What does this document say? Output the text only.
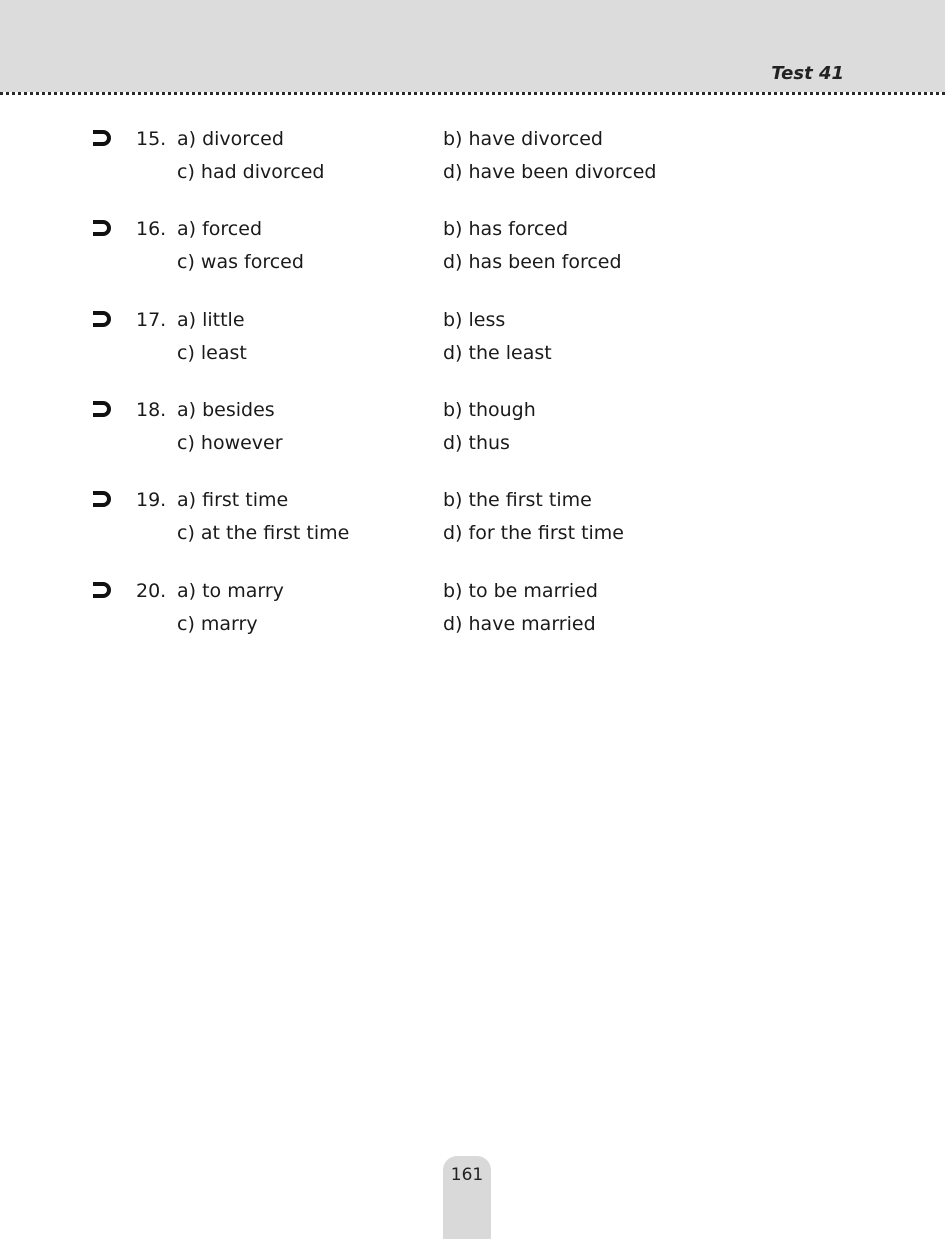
Test 41
15. a) divorced	b) have divorced
c) had divorced	d) have been divorced
16. a) forced	b) has forced
c) was forced	d) has been forced
17. a) little	b) less
c) least	d) the least
18. a) besides	b) though
c) however	d) thus
19. a) first time	b) the first time
c) at the first time	d) for the first time
20. a) to marry	b) to be married
c) marry	d) have married
161
